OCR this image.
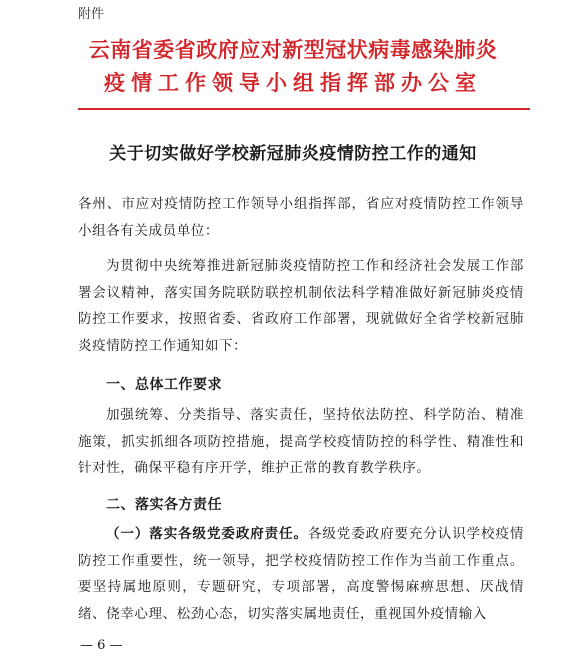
附件
云南省委省政府应对新型冠状病毒感染肺炎
疫情工作领导小组指挥部办公室
关于切实做好学校新冠肺炎疫情防控工作的通知
各州、市应对疫情防控工作领导小组指挥部，省应对疫情防控工作领导小组各有关成员单位：
为贯彻中央统筹推进新冠肺炎疫情防控工作和经济社会发展工作部署会议精神，落实国务院联防联控机制依法科学精准做好新冠肺炎疫情防控工作要求，按照省委、省政府工作部署，现就做好全省学校新冠肺炎疫情防控工作通知如下：
一、总体工作要求
加强统筹、分类指导、落实责任，坚持依法防控、科学防治、精准施策，抓实抓细各项防控措施，提高学校疫情防控的科学性、精准性和针对性，确保平稳有序开学，维护正常的教育教学秩序。
二、落实各方责任
（一）落实各级党委政府责任。各级党委政府要充分认识学校疫情防控工作重要性，统一领导，把学校疫情防控工作作为当前工作重点。要坚持属地原则，专题研究，专项部署，高度警惕麻痹思想、厌战情绪、侥幸心理、松劲心态，切实落实属地责任，重视国外疫情输入
— 6 —
